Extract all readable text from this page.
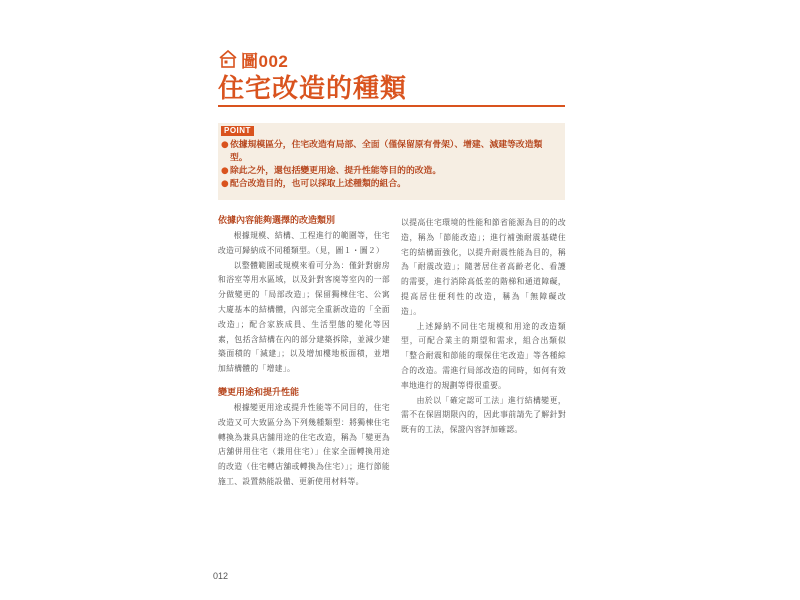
圖002
住宅改造的種類
POINT
● 依據規模區分，住宅改造有局部、全面（僅保留原有骨架）、增建、減建等改造類型。
● 除此之外，還包括變更用途、提升性能等目的的改造。
● 配合改造目的，也可以採取上述種類的組合。
依據內容能夠選擇的改造類別

根據規模、結構、工程進行的範圍等，住宅改造可歸納成不同種類型。（見，圖１・圖２）

以整體範圍或規模來看可分為：僅針對廚房和浴室等用水區域，以及針對客廃等室內的一部分做變更的「局部改造」；保留獨棟住宅、公寓大廈基本的結構體，內部完全重新改造的「全面改造」；配合家族成員、生活型態的變化等因素，包括含結構在內的部分建築拆除，並減少建築面積的「減建」；以及增加樓地板面積，並增加結構體的「增建」。

變更用途和提升性能

根據變更用途或提升性能等不同目的，住宅改造又可大致區分為下列幾種類型：將獨棟住宅轉換為兼具店舖用途的住宅改造，稱為「變更為店舖併用住宅（兼用住宅）」住家全面轉換用途的改造（住宅轉店舖或轉換為住宅）」；進行節能施工、設置熱能設備、更新使用材料等。

以提高住宅環境的性能和節省能源為目的的改造，稱為「節能改造」；進行補強耐震基礎住宅的結構面強化，以提升耐震性能為目的，稱為「耐震改造」；隨著居住者高齡老化、看護的需要，進行消除高低差的階梯和通道障礙，提高居住便利性的改造，稱為「無障礙改造」。

上述歸納不同住宅規模和用途的改造類型，可配合業主的期望和需求，組合出類似「整合耐震和節能的環保住宅改造」等各種綜合的改造。需進行局部改造的同時，如何有效率地進行的規劃等得很重要。

由於以「確定認可工法」進行結構變更，需不在保固期限內的，因此事前請先了解針對既有的工法，保證內容評加確認。

012
